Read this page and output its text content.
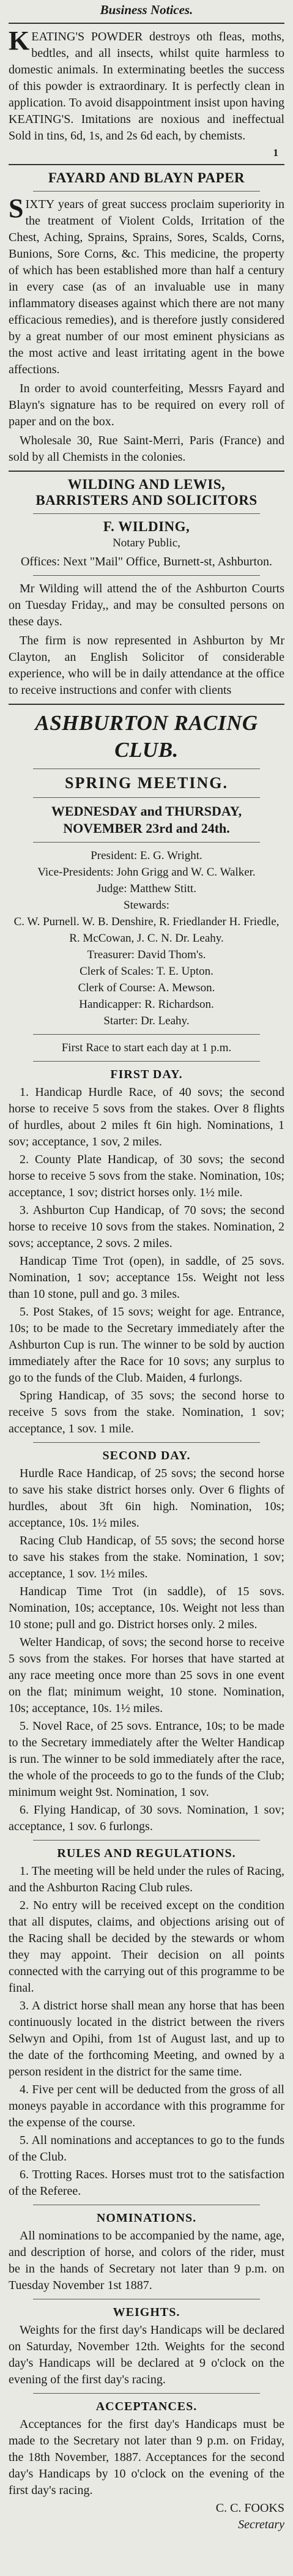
Business Notices.
KEATING'S POWDER destroys oth fleas, moths, bedtles, and all insects, whilst quite harmless to domestic animals. In exterminating beetles the success of this powder is extraordinary. It is perfectly clean in application. To avoid disappointment insist upon having KEATING'S. Imitations are noxious and ineffectual Sold in tins, 6d, 1s, and 2s 6d each, by chemists.
1
FAYARD AND BLAYN PAPER
SIXTY years of great success proclaim superiority in the treatment of Violent Colds, Irritation of the Chest, Aching, Sprains, Sprains, Sores, Scalds, Corns, Bunions, Sore Corns, &c. This medicine, the property of which has been established more than half a century in every case (as of an invaluable use in many inflammatory diseases against which there are not many efficacious remedies), and is therefore justly considered by a great number of our most eminent physicians as the most active and least irritating agent in the bowe affections.
In order to avoid counterfeiting, Messrs Fayard and Blayn's signature has to be required on every roll of paper and on the box.
Wholesale 30, Rue Saint-Merri, Paris (France) and sold by all Chemists in the colonies.
WILDING AND LEWIS,
BARRISTERS AND SOLICITORS
F. WILDING,
Notary Public,
Offices: Next "Mail" Office, Burnett-st, Ashburton.
Mr Wilding will attend the of the Ashburton Courts on Tuesday Friday,, and may be consulted persons on these days.
The firm is now represented in Ashburton by Mr Clayton, an English Solicitor of considerable experience, who will be in daily attendance at the office to receive instructions and confer with clients
ASHBURTON RACING CLUB.
SPRING MEETING.
WEDNESDAY and THURSDAY,
NOVEMBER 23rd and 24th.
President: E. G. Wright.
Vice-Presidents: John Grigg and W. C. Walker.
Judge: Matthew Stitt.
Stewards:
C. W. Purnell. W. B. Denshire, R. Friedlander H. Friedle, R. McCowan, J. C. N. Dr. Leahy.
Treasurer: David Thom's.
Clerk of Scales: T. E. Upton.
Clerk of Course: A. Mewson.
Handicapper: R. Richardson.
Starter: Dr. Leahy.
First Race to start each day at 1 p.m.
FIRST DAY.
1. Handicap Hurdle Race, of 40 sovs; the second horse to receive 5 sovs from the stakes. Over 8 flights of hurdles, about 2 miles ft 6in high. Nominations, 1 sov; acceptance, 1 sov, 2 miles.
2. County Plate Handicap, of 30 sovs; the second horse to receive 5 sovs from the stake. Nomination, 10s; acceptance, 1 sov; district horses only. 1½ mile.
3. Ashburton Cup Handicap, of 70 sovs; the second horse to receive 10 sovs from the stakes. Nomination, 2 sovs; acceptance, 2 sovs. 2 miles.
Handicap Time Trot (open), in saddle, of 25 sovs. Nomination, 1 sov; acceptance 15s. Weight not less than 10 stone, pull and go. 3 miles.
5. Post Stakes, of 15 sovs; weight for age. Entrance, 10s; to be made to the Secretary immediately after the Ashburton Cup is run. The winner to be sold by auction immediately after the Race for 10 sovs; any surplus to go to the funds of the Club. Maiden, 4 furlongs.
Spring Handicap, of 35 sovs; the second horse to receive 5 sovs from the stake. Nomination, 1 sov; acceptance, 1 sov. 1 mile.
SECOND DAY.
Hurdle Race Handicap, of 25 sovs; the second horse to save his stake district horses only. Over 6 flights of hurdles, about 3ft 6in high. Nomination, 10s; acceptance, 10s. 1½ miles.
Racing Club Handicap, of 55 sovs; the second horse to save his stakes from the stake. Nomination, 1 sov; acceptance, 1 sov. 1½ miles.
Handicap Time Trot (in saddle), of 15 sovs. Nomination, 10s; acceptance, 10s. Weight not less than 10 stone; pull and go. District horses only. 2 miles.
Welter Handicap, of sovs; the second horse to receive 5 sovs from the stakes. For horses that have started at any race meeting once more than 25 sovs in one event on the flat; minimum weight, 10 stone. Nomination, 10s; acceptance, 10s. 1½ miles.
5. Novel Race, of 25 sovs. Entrance, 10s; to be made to the Secretary immediately after the Welter Handicap is run. The winner to be sold immediately after the race, the whole of the proceeds to go to the funds of the Club; minimum weight 9st. Nomination, 1 sov.
6. Flying Handicap, of 30 sovs. Nomination, 1 sov; acceptance, 1 sov. 6 furlongs.
RULES AND REGULATIONS.
1. The meeting will be held under the rules of Racing, and the Ashburton Racing Club rules.
2. No entry will be received except on the condition that all disputes, claims, and objections arising out of the Racing shall be decided by the stewards or whom they may appoint. Their decision on all points connected with the carrying out of this programme to be final.
3. A district horse shall mean any horse that has been continuously located in the district between the rivers Selwyn and Opihi, from 1st of August last, and up to the date of the forthcoming Meeting, and owned by a person resident in the district for the same time.
4. Five per cent will be deducted from the gross of all moneys payable in accordance with this programme for the expense of the course.
5. All nominations and acceptances to go to the funds of the Club.
6. Trotting Races. Horses must trot to the satisfaction of the Referee.
NOMINATIONS.
All nominations to be accompanied by the name, age, and description of horse, and colors of the rider, must be in the hands of Secretary not later than 9 p.m. on Tuesday November 1st 1887.
WEIGHTS.
Weights for the first day's Handicaps will be declared on Saturday, November 12th. Weights for the second day's Handicaps will be declared at 9 o'clock on the evening of the first day's racing.
ACCEPTANCES.
Acceptances for the first day's Handicaps must be made to the Secretary not later than 9 p.m. on Friday, the 18th November, 1887. Acceptances for the second day's Handicaps by 10 o'clock on the evening of the first day's racing.
C. C. FOOKS
Secretary
